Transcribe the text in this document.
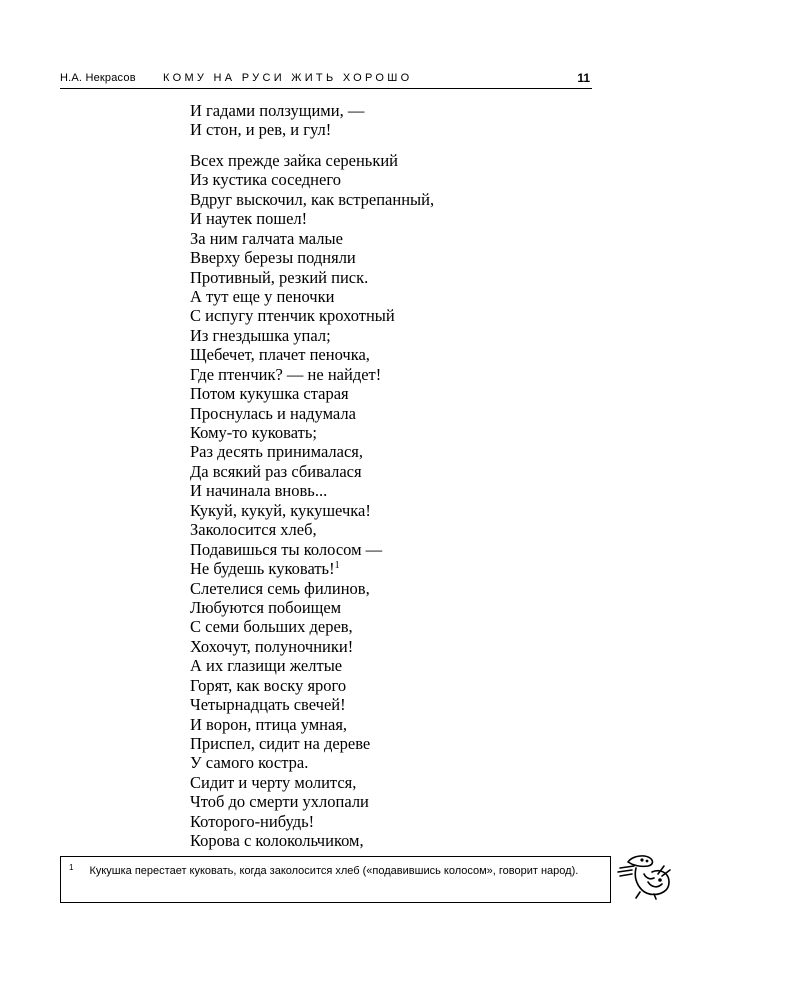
Н.А. Некрасов КОМУ НА РУСИ ЖИТЬ ХОРОШО	11
И гадами ползущими, —
И стон, и рев, и гул!
Всех прежде зайка серенький
Из кустика соседнего
Вдруг выскочил, как встрепанный,
И наутек пошел!
За ним галчата малые
Вверху березы подняли
Противный, резкий писк.
А тут еще у пеночки
С испугу птенчик крохотный
Из гнездышка упал;
Щебечет, плачет пеночка,
Где птенчик? — не найдет!
Потом кукушка старая
Проснулась и надумала
Кому-то куковать;
Раз десять принималася,
Да всякий раз сбивалася
И начинала вновь...
Кукуй, кукуй, кукушечка!
Заколосится хлеб,
Подавишься ты колосом —
Не будешь куковать!$^1$
Слетелися семь филинов,
Любуются побоищем
С семи больших дерев,
Хохочут, полуночники!
А их глазищи желтые
Горят, как воску ярого
Четырнадцать свечей!
И ворон, птица умная,
Приспел, сидит на дереве
У самого костра.
Сидит и черту молится,
Чтоб до смерти ухлопали
Которого-нибудь!
Корова с колокольчиком,
$^1$ Кукушка перестает куковать, когда заколосится хлеб («подавившись колосом», говорит народ).
